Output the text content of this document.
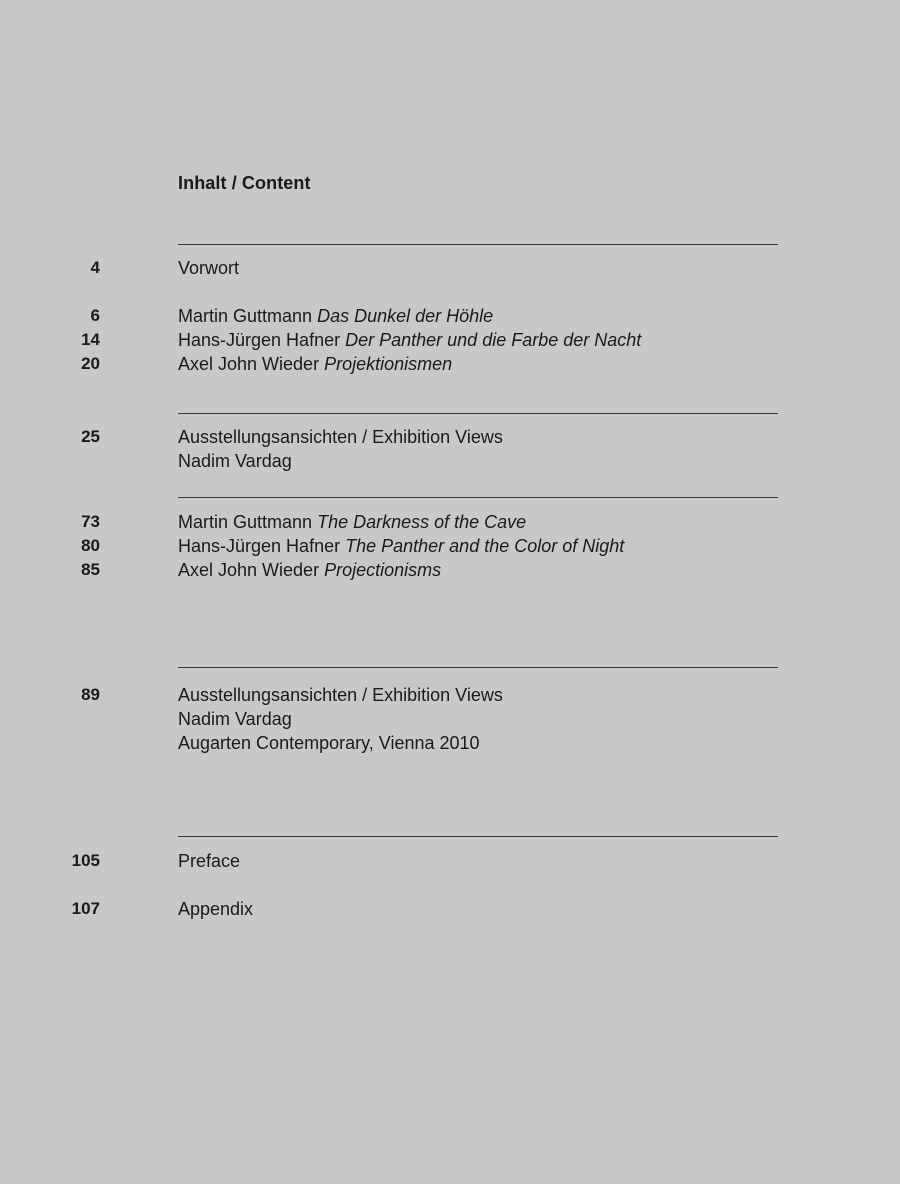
Inhalt / Content
4	Vorwort
6	Martin Guttmann Das Dunkel der Höhle
14	Hans-Jürgen Hafner Der Panther und die Farbe der Nacht
20	Axel John Wieder Projektionismen
25	Ausstellungsansichten / Exhibition Views
Nadim Vardag
73	Martin Guttmann The Darkness of the Cave
80	Hans-Jürgen Hafner The Panther and the Color of Night
85	Axel John Wieder Projectionisms
89	Ausstellungsansichten / Exhibition Views
Nadim Vardag
Augarten Contemporary, Vienna 2010
105	Preface
107	Appendix
